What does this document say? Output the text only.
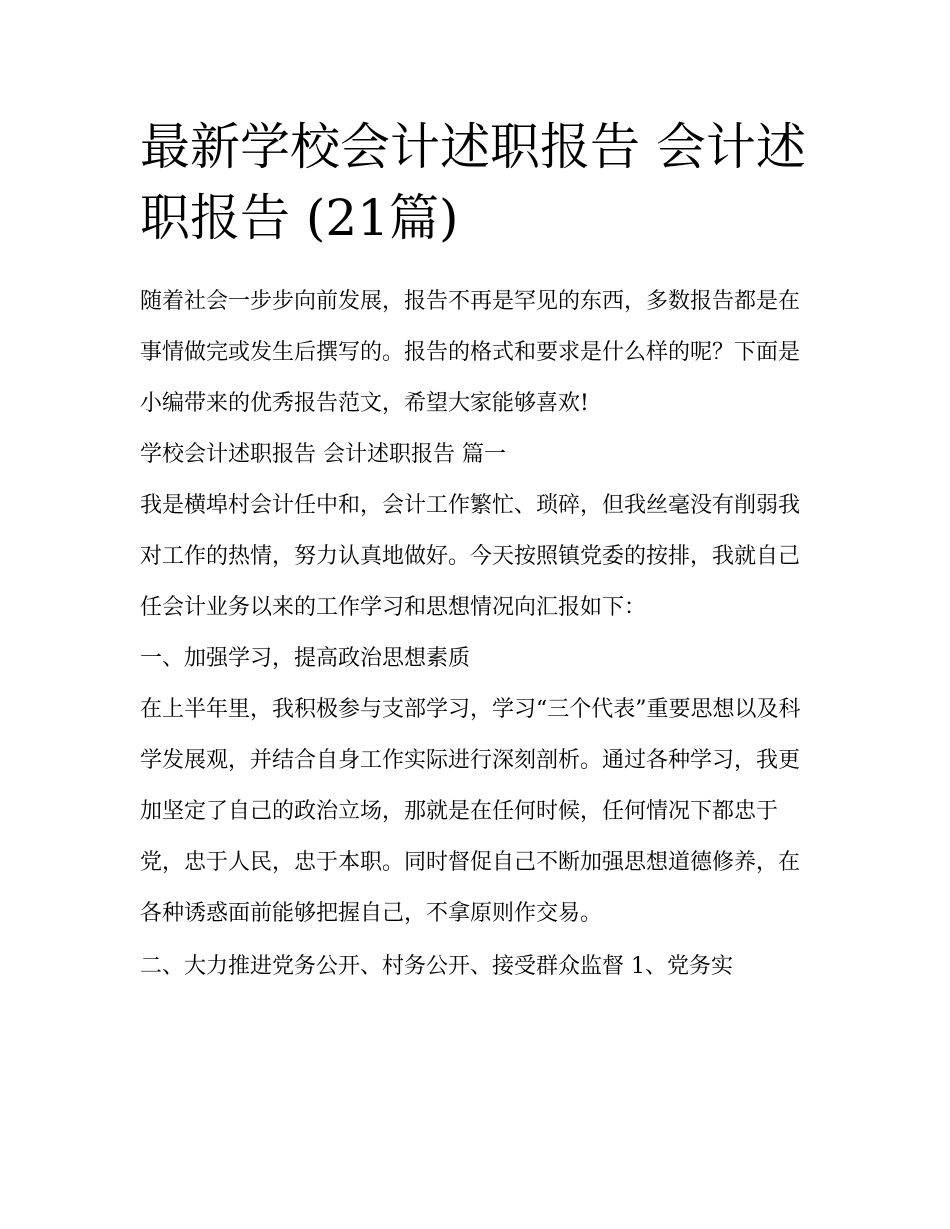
最新学校会计述职报告 会计述职报告 (21篇)

随着社会一步步向前发展，报告不再是罕见的东西，多数报告都是在事情做完或发生后撰写的。报告的格式和要求是什么样的呢？下面是小编带来的优秀报告范文，希望大家能够喜欢!

学校会计述职报告 会计述职报告 篇一

我是横埠村会计任中和，会计工作繁忙、琐碎，但我丝毫没有削弱我对工作的热情，努力认真地做好。今天按照镇党委的按排，我就自己任会计业务以来的工作学习和思想情况向汇报如下：

一、加强学习，提高政治思想素质

在上半年里，我积极参与支部学习，学习“三个代表”重要思想以及科学发展观，并结合自身工作实际进行深刻剖析。通过各种学习，我更加坚定了自己的政治立场，那就是在任何时候，任何情况下都忠于党，忠于人民，忠于本职。同时督促自己不断加强思想道德修养，在各种诱惑面前能够把握自己，不拿原则作交易。

二、大力推进党务公开、村务公开、接受群众监督 1、党务实
